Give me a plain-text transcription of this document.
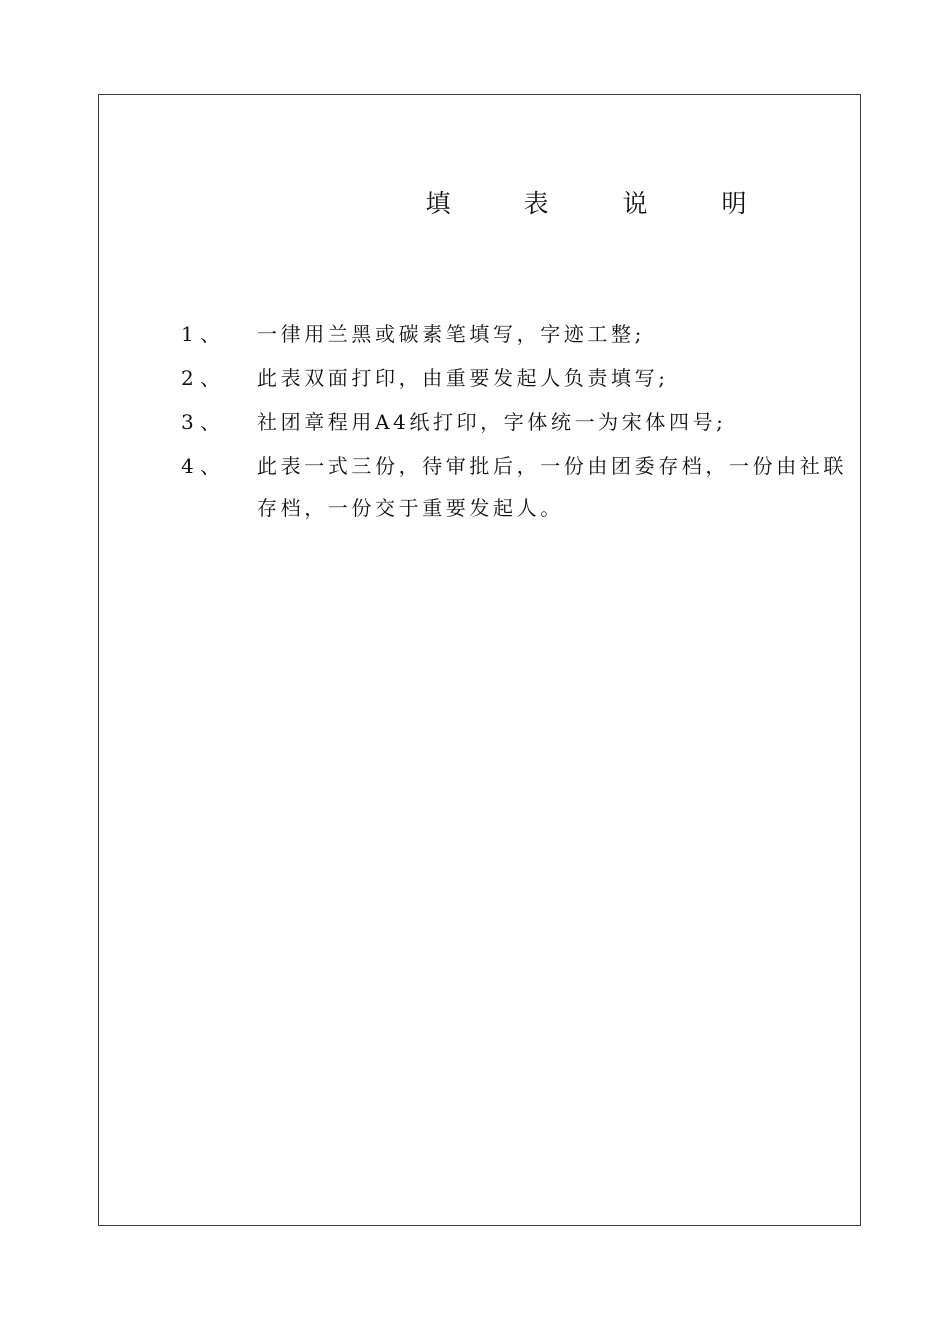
填	表	说	明
1 、 一律用兰黑或碳素笔填写，字迹工整;
2 、 此表双面打印，由重要发起人负责填写;
3 、 社团章程用A4纸打印，字体统一为宋体四号;
4 、 此表一式三份，待审批后，一份由团委存档，一份由社联存档，一份交于重要发起人。
